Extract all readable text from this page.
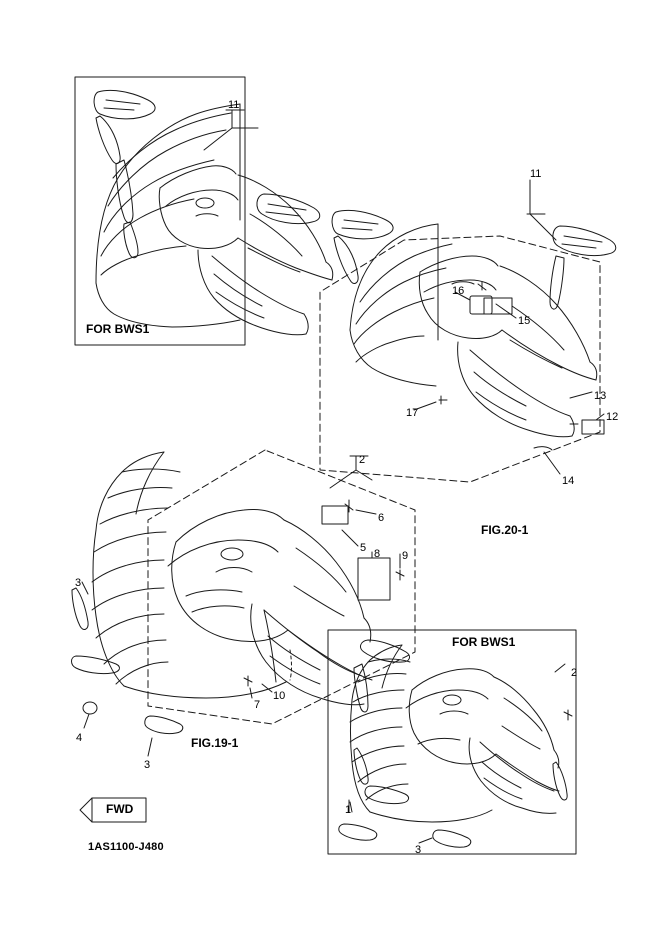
FOR BWS1
FOR BWS1
FIG.20-1
FIG.19-1
1AS1100-J480
FWD
11
11
16
15
13
12
17
14
2
6
5 8 9
3
10
7
4
3
2
1
3
